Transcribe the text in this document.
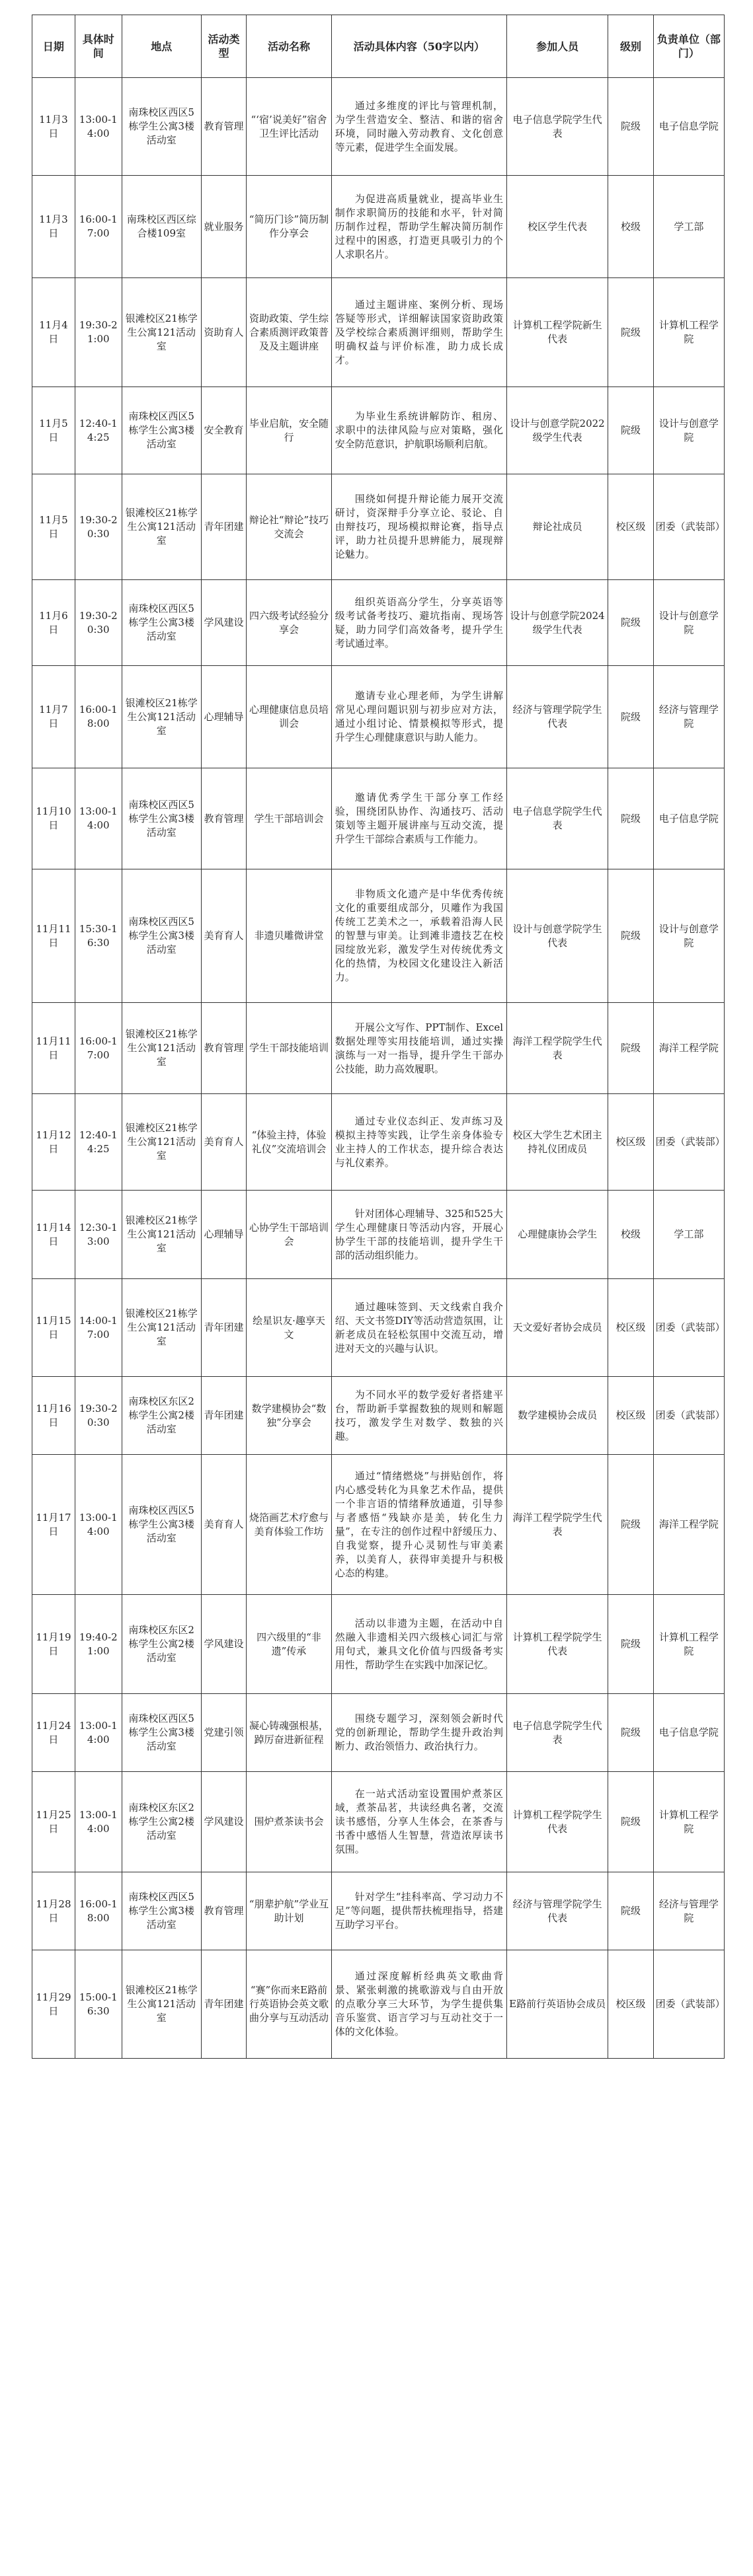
日期	具体时间	地点	活动类型	活动名称	活动具体内容（50字以内）	参加人员	级别	负责单位（部门）
11月3日	13:00-14:00	南珠校区西区5栋学生公寓3楼活动室	教育管理	“‘宿’说美好”宿舍卫生评比活动	通过多维度的评比与管理机制，为学生营造安全、整洁、和谐的宿舍环境，同时融入劳动教育、文化创意等元素，促进学生全面发展。	电子信息学院学生代表	院级	电子信息学院
11月3日	16:00-17:00	南珠校区西区综合楼109室	就业服务	“简历门诊”简历制作分享会	为促进高质量就业，提高毕业生制作求职简历的技能和水平，针对简历制作过程，帮助学生解决简历制作过程中的困惑，打造更具吸引力的个人求职名片。	校区学生代表	校级	学工部
11月4日	19:30-21:00	银滩校区21栋学生公寓121活动室	资助育人	资助政策、学生综合素质测评政策普及及主题讲座	通过主题讲座、案例分析、现场答疑等形式，详细解读国家资助政策及学校综合素质测评细则，帮助学生明确权益与评价标准，助力成长成才。	计算机工程学院新生代表	院级	计算机工程学院
11月5日	12:40-14:25	南珠校区西区5栋学生公寓3楼活动室	安全教育	毕业启航，安全随行	为毕业生系统讲解防诈、租房、求职中的法律风险与应对策略，强化安全防范意识，护航职场顺利启航。	设计与创意学院2022级学生代表	院级	设计与创意学院
11月5日	19:30-20:30	银滩校区21栋学生公寓121活动室	青年团建	辩论社“辩论”技巧交流会	围绕如何提升辩论能力展开交流研讨，资深辩手分享立论、驳论、自由辩技巧，现场模拟辩论赛，指导点评，助力社员提升思辨能力，展现辩论魅力。	辩论社成员	校区级	团委（武装部）
11月6日	19:30-20:30	南珠校区西区5栋学生公寓3楼活动室	学风建设	四六级考试经验分享会	组织英语高分学生，分享英语等级考试备考技巧、避坑指南、现场答疑，助力同学们高效备考，提升学生考试通过率。	设计与创意学院2024级学生代表	院级	设计与创意学院
11月7日	16:00-18:00	银滩校区21栋学生公寓121活动室	心理辅导	心理健康信息员培训会	邀请专业心理老师，为学生讲解常见心理问题识别与初步应对方法，通过小组讨论、情景模拟等形式，提升学生心理健康意识与助人能力。	经济与管理学院学生代表	院级	经济与管理学院
11月10日	13:00-14:00	南珠校区西区5栋学生公寓3楼活动室	教育管理	学生干部培训会	邀请优秀学生干部分享工作经验，围绕团队协作、沟通技巧、活动策划等主题开展讲座与互动交流，提升学生干部综合素质与工作能力。	电子信息学院学生代表	院级	电子信息学院
11月11日	15:30-16:30	南珠校区西区5栋学生公寓3楼活动室	美育育人	非遗贝雕微讲堂	非物质文化遗产是中华优秀传统文化的重要组成部分，贝雕作为我国传统工艺美术之一，承载着沿海人民的智慧与审美。让到滩非遗技艺在校园绽放光彩，激发学生对传统优秀文化的热情，为校园文化建设注入新活力。	设计与创意学院学生代表	院级	设计与创意学院
11月11日	16:00-17:00	银滩校区21栋学生公寓121活动室	教育管理	学生干部技能培训	开展公文写作、PPT制作、Excel数据处理等实用技能培训，通过实操演练与一对一指导，提升学生干部办公技能，助力高效履职。	海洋工程学院学生代表	院级	海洋工程学院
11月12日	12:40-14:25	银滩校区21栋学生公寓121活动室	美育育人	“体验主持，体验礼仪”交流培训会	通过专业仪态纠正、发声练习及模拟主持等实践，让学生亲身体验专业主持人的工作状态，提升综合表达与礼仪素养。	校区大学生艺术团主持礼仪团成员	校区级	团委（武装部）
11月14日	12:30-13:00	银滩校区21栋学生公寓121活动室	心理辅导	心协学生干部培训会	针对团体心理辅导、325和525大学生心理健康日等活动内容，开展心协学生干部的技能培训，提升学生干部的活动组织能力。	心理健康协会学生	校级	学工部
11月15日	14:00-17:00	银滩校区21栋学生公寓121活动室	青年团建	绘星识友·趣享天文	通过趣味签到、天文线索自我介绍、天文书签DIY等活动营造氛围，让新老成员在轻松氛围中交流互动，增进对天文的兴趣与认识。	天文爱好者协会成员	校区级	团委（武装部）
11月16日	19:30-20:30	南珠校区东区2栋学生公寓2楼活动室	青年团建	数学建模协会“数独”分享会	为不同水平的数学爱好者搭建平台，帮助新手掌握数独的规则和解题技巧，激发学生对数学、数独的兴趣。	数学建模协会成员	校区级	团委（武装部）
11月17日	13:00-14:00	南珠校区西区5栋学生公寓3楼活动室	美育育人	烧箔画艺术疗愈与美育体验工作坊	通过“情绪燃烧”与拼贴创作，将内心感受转化为具象艺术作品，提供一个非言语的情绪释放通道，引导参与者感悟“残缺亦是美，转化生力量”，在专注的创作过程中舒缓压力、自我觉察，提升心灵韧性与审美素养，以美育人，获得审美提升与积极心态的构建。	海洋工程学院学生代表	院级	海洋工程学院
11月19日	19:40-21:00	南珠校区东区2栋学生公寓2楼活动室	学风建设	四六级里的“非遗”传承	活动以非遗为主题，在活动中自然融入非遗相关四六级核心词汇与常用句式，兼具文化价值与四级备考实用性，帮助学生在实践中加深记忆。	计算机工程学院学生代表	院级	计算机工程学院
11月24日	13:00-14:00	南珠校区西区5栋学生公寓3楼活动室	党建引领	凝心铸魂强根基，踔厉奋进新征程	围绕专题学习，深刻领会新时代党的创新理论，帮助学生提升政治判断力、政治领悟力、政治执行力。	电子信息学院学生代表	院级	电子信息学院
11月25日	13:00-14:00	南珠校区东区2栋学生公寓2楼活动室	学风建设	围炉煮茶读书会	在一站式活动室设置围炉煮茶区域，煮茶品茗，共读经典名著，交流读书感悟，分享人生体会，在茶香与书香中感悟人生智慧，营造浓厚读书氛围。	计算机工程学院学生代表	院级	计算机工程学院
11月28日	16:00-18:00	南珠校区西区5栋学生公寓3楼活动室	教育管理	“朋辈护航”学业互助计划	针对学生“挂科率高、学习动力不足”等问题，提供帮扶梳理指导，搭建互助学习平台。	经济与管理学院学生代表	院级	经济与管理学院
11月29日	15:00-16:30	银滩校区21栋学生公寓121活动室	青年团建	“赛”你而来E路前行英语协会英文歌曲分享与互动活动	通过深度解析经典英文歌曲背景、紧张刺激的挑歌游戏与自由开放的点歌分享三大环节，为学生提供集音乐鉴赏、语言学习与互动社交于一体的文化体验。	E路前行英语协会成员	校区级	团委（武装部）
